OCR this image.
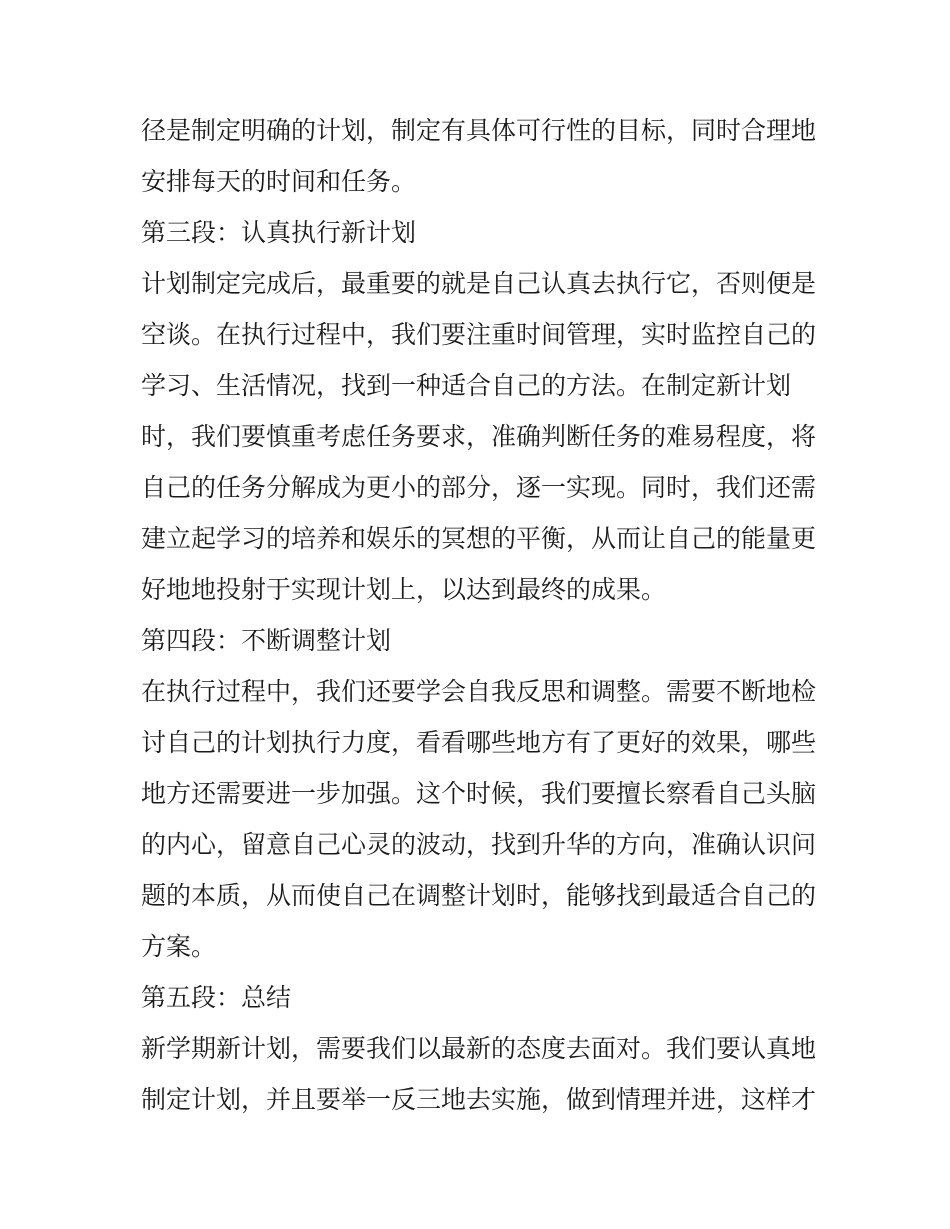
径是制定明确的计划，制定有具体可行性的目标，同时合理地
安排每天的时间和任务。
第三段：认真执行新计划
计划制定完成后，最重要的就是自己认真去执行它，否则便是
空谈。在执行过程中，我们要注重时间管理，实时监控自己的
学习、生活情况，找到一种适合自己的方法。在制定新计划
时，我们要慎重考虑任务要求，准确判断任务的难易程度，将
自己的任务分解成为更小的部分，逐一实现。同时，我们还需
建立起学习的培养和娱乐的冥想的平衡，从而让自己的能量更
好地地投射于实现计划上，以达到最终的成果。
第四段：不断调整计划
在执行过程中，我们还要学会自我反思和调整。需要不断地检
讨自己的计划执行力度，看看哪些地方有了更好的效果，哪些
地方还需要进一步加强。这个时候，我们要擅长察看自己头脑
的内心，留意自己心灵的波动，找到升华的方向，准确认识问
题的本质，从而使自己在调整计划时，能够找到最适合自己的
方案。
第五段：总结
新学期新计划，需要我们以最新的态度去面对。我们要认真地
制定计划，并且要举一反三地去实施，做到情理并进，这样才
